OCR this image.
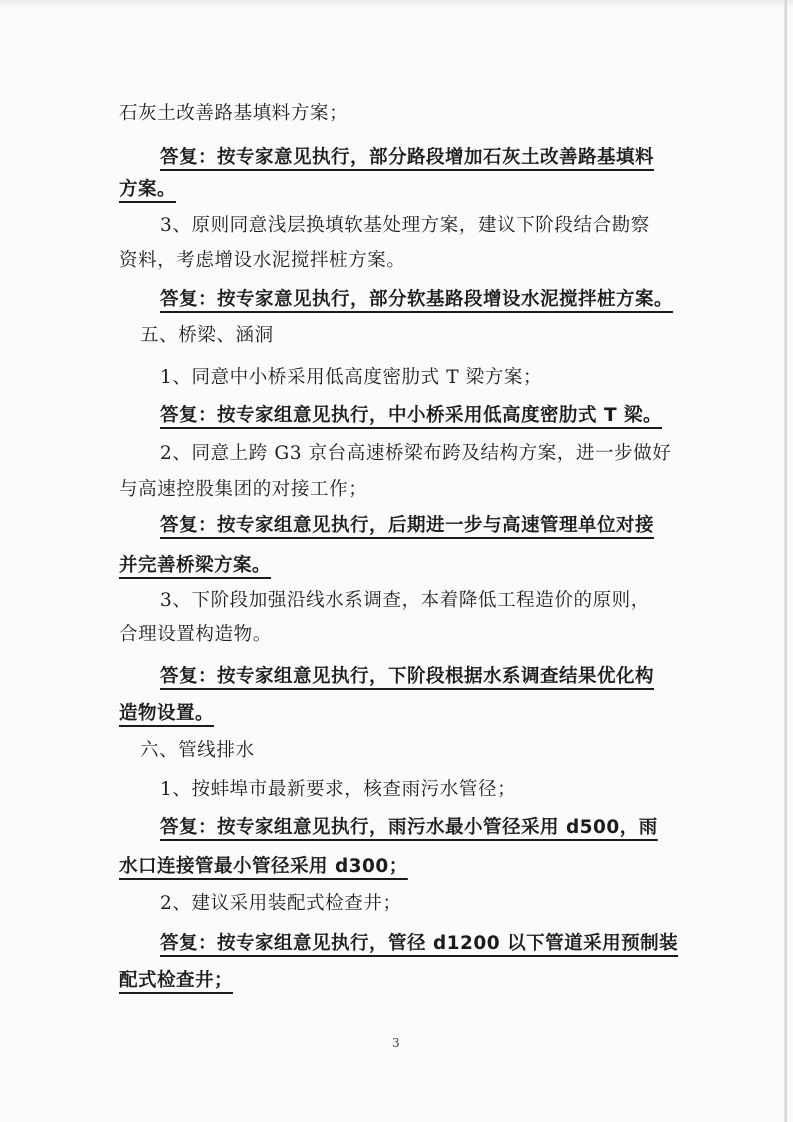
石灰土改善路基填料方案；
答复：按专家意见执行，部分路段增加石灰土改善路基填料
方案。
3、原则同意浅层换填软基处理方案，建议下阶段结合勘察
资料，考虑增设水泥搅拌桩方案。
答复：按专家意见执行，部分软基路段增设水泥搅拌桩方案。
五、桥梁、涵洞
1、同意中小桥采用低高度密肋式 T 梁方案；
答复：按专家组意见执行，中小桥采用低高度密肋式 T 梁。
2、同意上跨 G3 京台高速桥梁布跨及结构方案，进一步做好
与高速控股集团的对接工作；
答复：按专家组意见执行，后期进一步与高速管理单位对接
并完善桥梁方案。
3、下阶段加强沿线水系调查，本着降低工程造价的原则，
合理设置构造物。
答复：按专家组意见执行，下阶段根据水系调查结果优化构
造物设置。
六、管线排水
1、按蚌埠市最新要求，核查雨污水管径；
答复：按专家组意见执行，雨污水最小管径采用 d500，雨
水口连接管最小管径采用 d300；
2、建议采用装配式检查井；
答复：按专家组意见执行，管径 d1200 以下管道采用预制装
配式检查井；
3
